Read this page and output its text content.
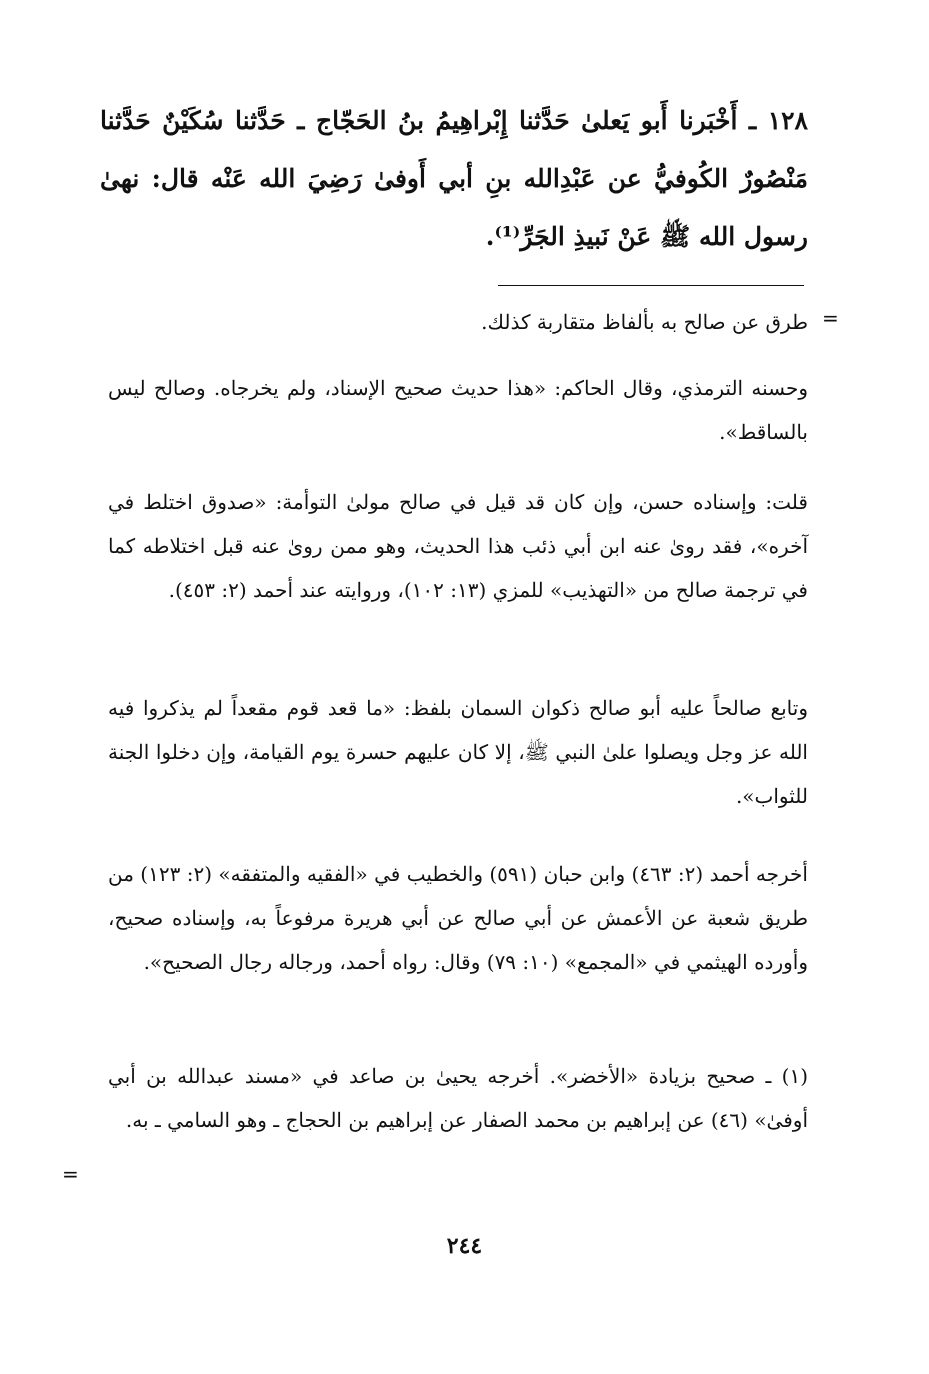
١٢٨ ـ أَخْبَرنا أَبو يَعلىٰ حَدَّثنا إِبْراهِيمُ بنُ الحَجّاج ـ حَدَّثنا سُكَيْنٌ حَدَّثنا مَنْصُورٌ الكُوفيُّ عن عَبْدِالله بنِ أبي أَوفىٰ رَضِيَ الله عَنْه قال: نهىٰ رسول الله ﷺ عَنْ نَبيذِ الجَرِّ⁽¹⁾.
=
طرق عن صالح به بألفاظ متقاربة كذلك.
وحسنه الترمذي، وقال الحاكم: «هذا حديث صحيح الإسناد، ولم يخرجاه. وصالح ليس بالساقط».
قلت: وإسناده حسن، وإن كان قد قيل في صالح مولىٰ التوأمة: «صدوق اختلط في آخره»، فقد روىٰ عنه ابن أبي ذئب هذا الحديث، وهو ممن روىٰ عنه قبل اختلاطه كما في ترجمة صالح من «التهذيب» للمزي (١٣: ١٠٢)، وروايته عند أحمد (٢: ٤٥٣).
وتابع صالحاً عليه أبو صالح ذكوان السمان بلفظ: «ما قعد قوم مقعداً لم يذكروا فيه الله عز وجل ويصلوا علىٰ النبي ﷺ، إلا كان عليهم حسرة يوم القيامة، وإن دخلوا الجنة للثواب».
أخرجه أحمد (٢: ٤٦٣) وابن حبان (٥٩١) والخطيب في «الفقيه والمتفقه» (٢: ١٢٣) من طريق شعبة عن الأعمش عن أبي صالح عن أبي هريرة مرفوعاً به، وإسناده صحيح، وأورده الهيثمي في «المجمع» (١٠: ٧٩) وقال: رواه أحمد، ورجاله رجال الصحيح».
(١) ـ صحيح بزيادة «الأخضر». أخرجه يحيىٰ بن صاعد في «مسند عبدالله بن أبي أوفىٰ» (٤٦) عن إبراهيم بن محمد الصفار عن إبراهيم بن الحجاج ـ وهو السامي ـ به.
=
٢٤٤
